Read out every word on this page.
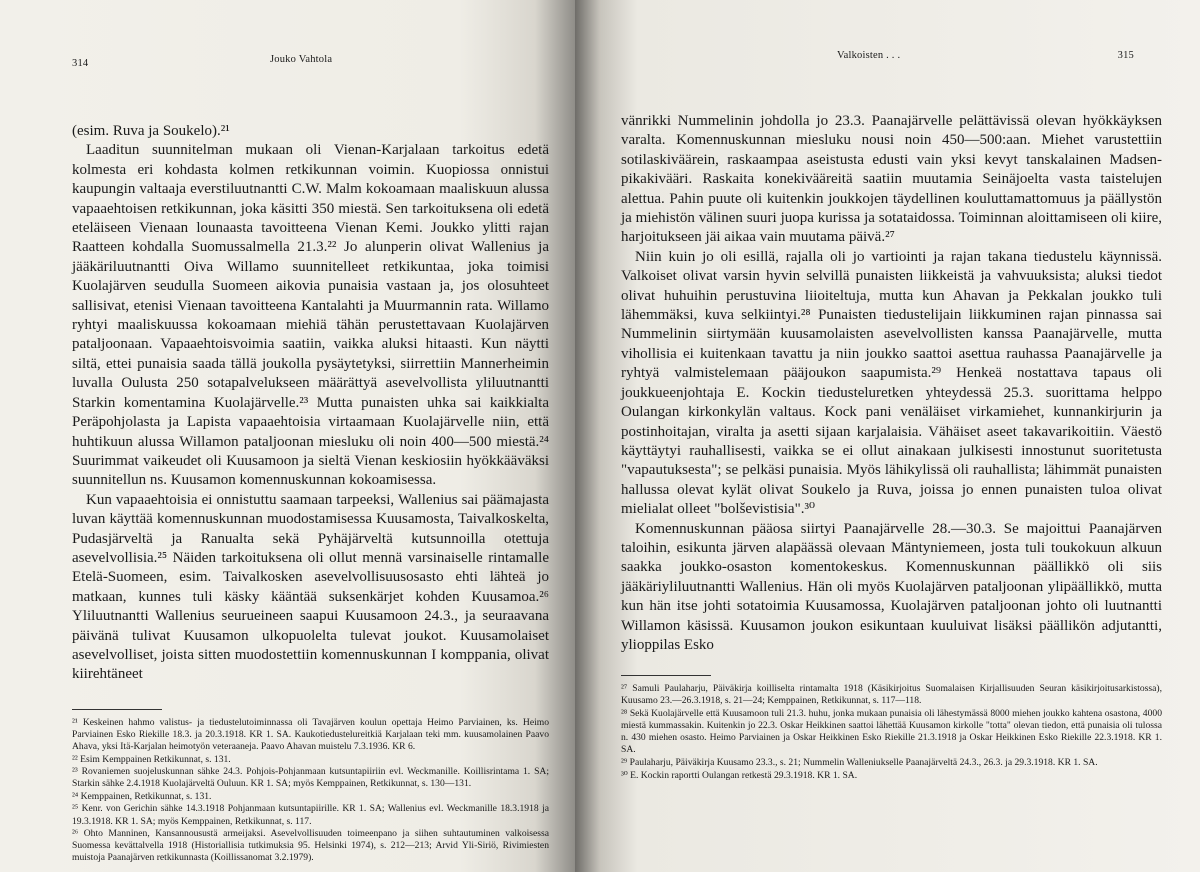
314	Jouko Vahtola

(esim. Ruva ja Soukelo).²¹

Laaditun suunnitelman mukaan oli Vienan-Karjalaan tarkoitus edetä kolmesta eri kohdasta kolmen retkikunnan voimin. Kuopiossa onnistui kaupungin valtaaja everstiluutnantti C.W. Malm kokoamaan maaliskuun alussa vapaaehtoisen retkikunnan, joka käsitti 350 miestä. Sen tarkoituksena oli edetä eteläiseen Vienaan lounaasta tavoitteena Vienan Kemi. Joukko ylitti rajan Raatteen kohdalla Suomussalmella 21.3.²² Jo alunperin olivat Wallenius ja jääkäriluutnantti Oiva Willamo suunnitelleet retkikuntaa, joka toimisi Kuolajärven seudulla Suomeen aikovia punaisia vastaan ja, jos olosuhteet sallisivat, etenisi Vienaan tavoitteena Kantalahti ja Muurmannin rata. Willamo ryhtyi maaliskuussa kokoamaan miehiä tähän perustettavaan Kuolajärven pataljoonaan. Vapaaehtoisvoimia saatiin, vaikka aluksi hitaasti. Kun näytti siltä, ettei punaisia saada tällä joukolla pysäytetyksi, siirrettiin Mannerheimin luvalla Oulusta 250 sotapalvelukseen määrättyä asevelvollista yliluutnantti Starkin komentamina Kuolajärvelle.²³ Mutta punaisten uhka sai kaikkialta Peräpohjolasta ja Lapista vapaaehtoisia virtaamaan Kuolajärvelle niin, että huhtikuun alussa Willamon pataljoonan miesluku oli noin 400—500 miestä.²⁴ Suurimmat vaikeudet oli Kuusamoon ja sieltä Vienan keskiosiin hyökkääväksi suunnitellun ns. Kuusamon komennuskunnan kokoamisessa.

Kun vapaaehtoisia ei onnistuttu saamaan tarpeeksi, Wallenius sai päämajasta luvan käyttää komennuskunnan muodostamisessa Kuusamosta, Taivalkoskelta, Pudasjärveltä ja Ranualta sekä Pyhäjärveltä kutsunnoilla otettuja asevelvollisia.²⁵ Näiden tarkoituksena oli ollut mennä varsinaiselle rintamalle Etelä-Suomeen, esim. Taivalkosken asevelvollisuusosasto ehti lähteä jo matkaan, kunnes tuli käsky kääntää suksenkärjet kohden Kuusamoa.²⁶ Yliluutnantti Wallenius seurueineen saapui Kuusamoon 24.3., ja seuraavana päivänä tulivat Kuusamon ulkopuolelta tulevat joukot. Kuusamolaiset asevelvolliset, joista sitten muodostettiin komennuskunnan I komppania, olivat kiirehtäneet

²¹ Keskeinen hahmo valistus- ja tiedustelutoiminnassa oli Tavajärven koulun opettaja Heimo Parviainen, ks. Heimo Parviainen Esko Riekille 18.3. ja 20.3.1918. KR 1. SA. Kaukotiedustelureitkiä Karjalaan teki mm. kuusamolainen Paavo Ahava, yksi Itä-Karjalan heimotyön veteraaneja. Paavo Ahavan muistelu 7.3.1936. KR 6.

²² Esim Kemppainen Retkikunnat, s. 131.

²³ Rovaniemen suojeluskunnan sähke 24.3. Pohjois-Pohjanmaan kutsuntapiiriin evl. Weckmanille. Koillisrintama 1. SA; Starkin sähke 2.4.1918 Kuolajärveltä Ouluun. KR 1. SA; myös Kemppainen, Retkikunnat, s. 130—131.

²⁴ Kemppainen, Retkikunnat, s. 131.

²⁵ Kenr. von Gerichin sähke 14.3.1918 Pohjanmaan kutsuntapiirille. KR 1. SA; Wallenius evl. Weckmanille 18.3.1918 ja 19.3.1918. KR 1. SA; myös Kemppainen, Retkikunnat, s. 117.

²⁶ Ohto Manninen, Kansannousustä armeijaksi. Asevelvollisuuden toimeenpano ja siihen suhtautuminen valkoisessa Suomessa kevättalvella 1918 (Historiallisia tutkimuksia 95. Helsinki 1974), s. 212—213; Arvid Yli-Siriö, Rivimiesten muistoja Paanajärven retkikunnasta (Koillissanomat 3.2.1979).

Valkoisten . . .	315

vänrikki Nummelinin johdolla jo 23.3. Paanajärvelle pelättävissä olevan hyökkäyksen varalta. Komennuskunnan miesluku nousi noin 450—500:aan. Miehet varustettiin sotilaskiväärein, raskaampaa aseistusta edusti vain yksi kevyt tanskalainen Madsen-pikakivääri. Raskaita konekivääreitä saatiin muutamia Seinäjoelta vasta taistelujen alettua. Pahin puute oli kuitenkin joukkojen täydellinen kouluttamattomuus ja päällystön ja miehistön välinen suuri juopa kurissa ja sotataidossa. Toiminnan aloittamiseen oli kiire, harjoitukseen jäi aikaa vain muutama päivä.²⁷

Niin kuin jo oli esillä, rajalla oli jo vartiointi ja rajan takana tiedustelu käynnissä. Valkoiset olivat varsin hyvin selvillä punaisten liikkeistä ja vahvuuksista; aluksi tiedot olivat huhuihin perustuvina liioiteltuja, mutta kun Ahavan ja Pekkalan joukko tuli lähemmäksi, kuva selkiintyi.²⁸ Punaisten tiedustelijain liikkuminen rajan pinnassa sai Nummelinin siirtymään kuusamolaisten asevelvollisten kanssa Paanajärvelle, mutta vihollisia ei kuitenkaan tavattu ja niin joukko saattoi asettua rauhassa Paanajärvelle ja ryhtyä valmistelemaan pääjoukon saapumista.²⁹ Henkeä nostattava tapaus oli joukkueenjohtaja E. Kockin tiedusteluretken yhteydessä 25.3. suorittama helppo Oulangan kirkonkylän valtaus. Kock pani venäläiset virkamiehet, kunnankirjurin ja postinhoitajan, viralta ja asetti sijaan karjalaisia. Vähäiset aseet takavarikoitiin. Väestö käyttäytyi rauhallisesti, vaikka se ei ollut ainakaan julkisesti innostunut suoritetusta "vapautuksesta"; se pelkäsi punaisia. Myös lähikylissä oli rauhallista; lähimmät punaisten hallussa olevat kylät olivat Soukelo ja Ruva, joissa jo ennen punaisten tuloa olivat mielialat olleet "bolševistisia".³⁰

Komennuskunnan pääosa siirtyi Paanajärvelle 28.—30.3. Se majoittui Paanajärven taloihin, esikunta järven alapäässä olevaan Mäntyniemeen, josta tuli toukokuun alkuun saakka joukko-osaston komentokeskus. Komennuskunnan päällikkö oli siis jääkäriyliluutnantti Wallenius. Hän oli myös Kuolajärven pataljoonan ylipäällikkö, mutta kun hän itse johti sotatoimia Kuusamossa, Kuolajärven pataljoonan johto oli luutnantti Willamon käsissä. Kuusamon joukon esikuntaan kuuluivat lisäksi päällikön adjutantti, ylioppilas Esko

²⁷ Samuli Paulaharju, Päiväkirja koilliselta rintamalta 1918 (Käsikirjoitus Suomalaisen Kirjallisuuden Seuran käsikirjoitusarkistossa), Kuusamo 23.—26.3.1918, s. 21—24; Kemppainen, Retkikunnat, s. 117—118.

²⁸ Sekä Kuolajärvelle että Kuusamoon tuli 21.3. huhu, jonka mukaan punaisia oli lähestymässä 8000 miehen joukko kahtena osastona, 4000 miestä kummassakin. Kuitenkin jo 22.3. Oskar Heikkinen saattoi lähettää Kuusamon kirkolle "totta" olevan tiedon, että punaisia oli tulossa n. 430 miehen osasto. Heimo Parviainen ja Oskar Heikkinen Esko Riekille 21.3.1918 ja Oskar Heikkinen Esko Riekille 22.3.1918. KR 1. SA.

²⁹ Paulaharju, Päiväkirja Kuusamo 23.3., s. 21; Nummelin Walleniukselle Paanajärveltä 24.3., 26.3. ja 29.3.1918. KR 1. SA.

³⁰ E. Kockin raportti Oulangan retkestä 29.3.1918. KR 1. SA.
